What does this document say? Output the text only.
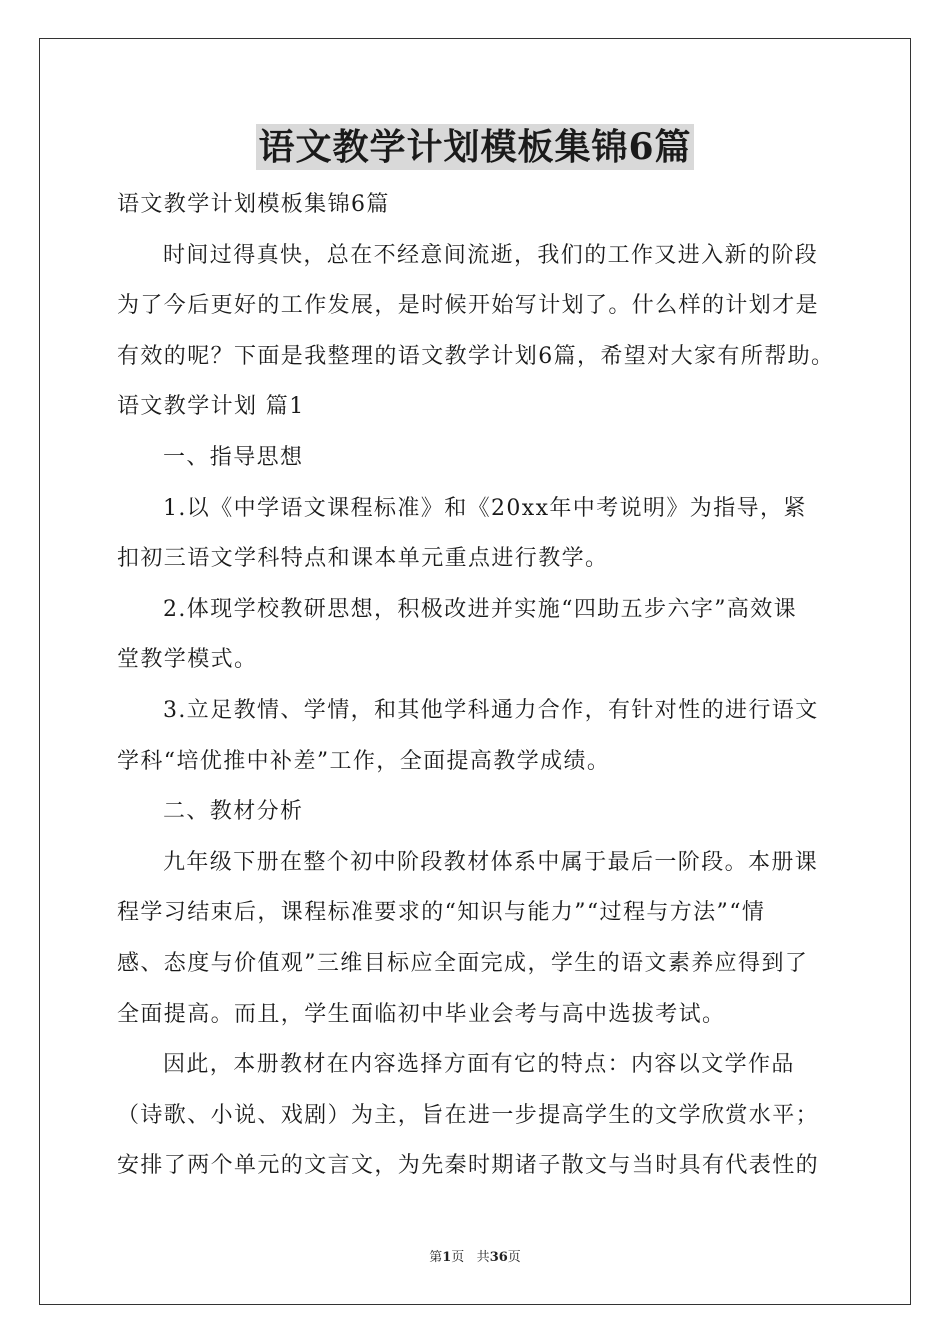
语文教学计划模板集锦6篇
语文教学计划模板集锦6篇
时间过得真快，总在不经意间流逝，我们的工作又进入新的阶段
为了今后更好的工作发展，是时候开始写计划了。什么样的计划才是
有效的呢？下面是我整理的语文教学计划6篇，希望对大家有所帮助。
语文教学计划 篇1
一、指导思想
1.以《中学语文课程标准》和《20xx年中考说明》为指导，紧
扣初三语文学科特点和课本单元重点进行教学。
2.体现学校教研思想，积极改进并实施“四助五步六字”高效课
堂教学模式。
3.立足教情、学情，和其他学科通力合作，有针对性的进行语文
学科“培优推中补差”工作，全面提高教学成绩。
二、教材分析
九年级下册在整个初中阶段教材体系中属于最后一阶段。本册课
程学习结束后，课程标准要求的“知识与能力”“过程与方法”“情
感、态度与价值观”三维目标应全面完成，学生的语文素养应得到了
全面提高。而且，学生面临初中毕业会考与高中选拔考试。
因此，本册教材在内容选择方面有它的特点：内容以文学作品
（诗歌、小说、戏剧）为主，旨在进一步提高学生的文学欣赏水平；
安排了两个单元的文言文，为先秦时期诸子散文与当时具有代表性的
第1页 共36页
